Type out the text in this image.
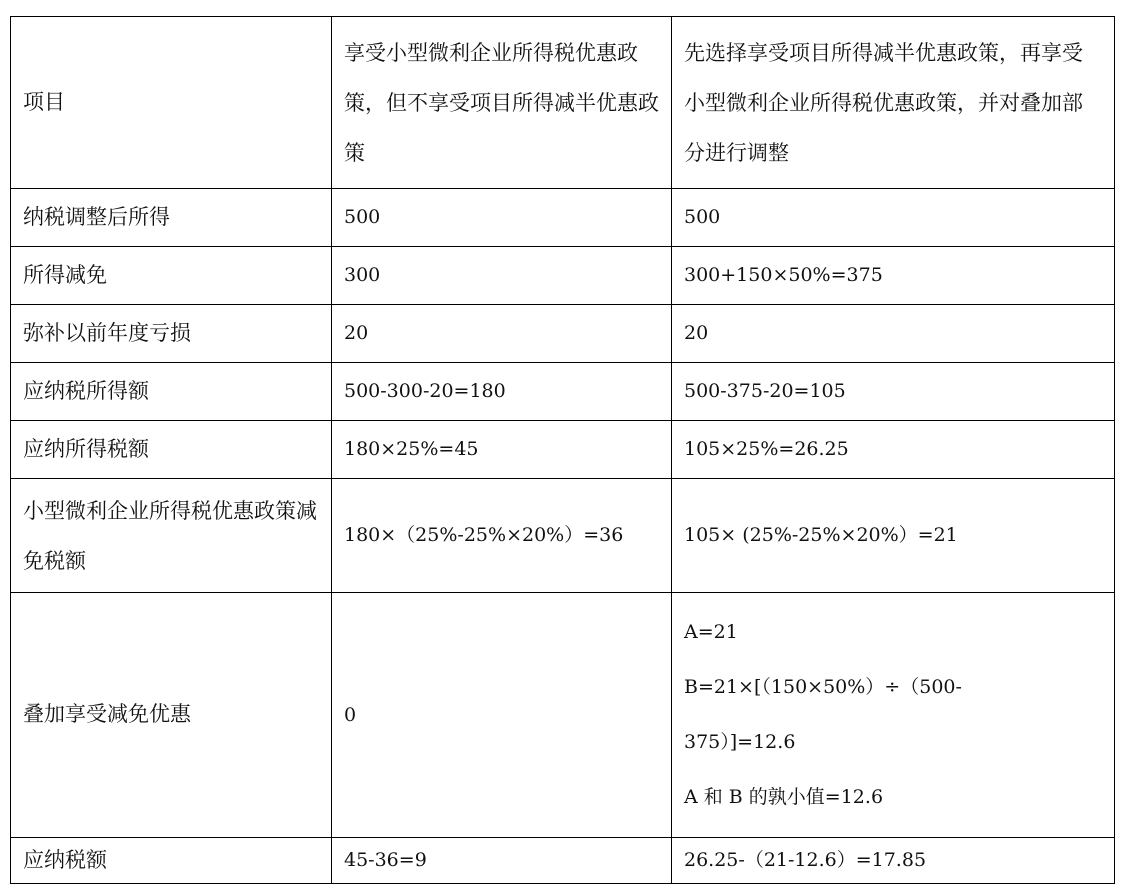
项目	享受小型微利企业所得税优惠政策，但不享受项目所得减半优惠政策	先选择享受项目所得减半优惠政策，再享受小型微利企业所得税优惠政策，并对叠加部分进行调整
纳税调整后所得	500	500
所得减免	300	300+150×50%=375
弥补以前年度亏损	20	20
应纳税所得额	500-300-20=180	500-375-20=105
应纳所得税额	180×25%=45	105×25%=26.25
小型微利企业所得税优惠政策减免税额	180×（25%-25%×20%）=36	105× (25%-25%×20%）=21
叠加享受减免优惠	0	A=21
B=21×[（150×50%）÷（500-
375）]=12.6
A 和 B 的孰小值=12.6

应纳税额	45-36=9	26.25-（21-12.6）=17.85
